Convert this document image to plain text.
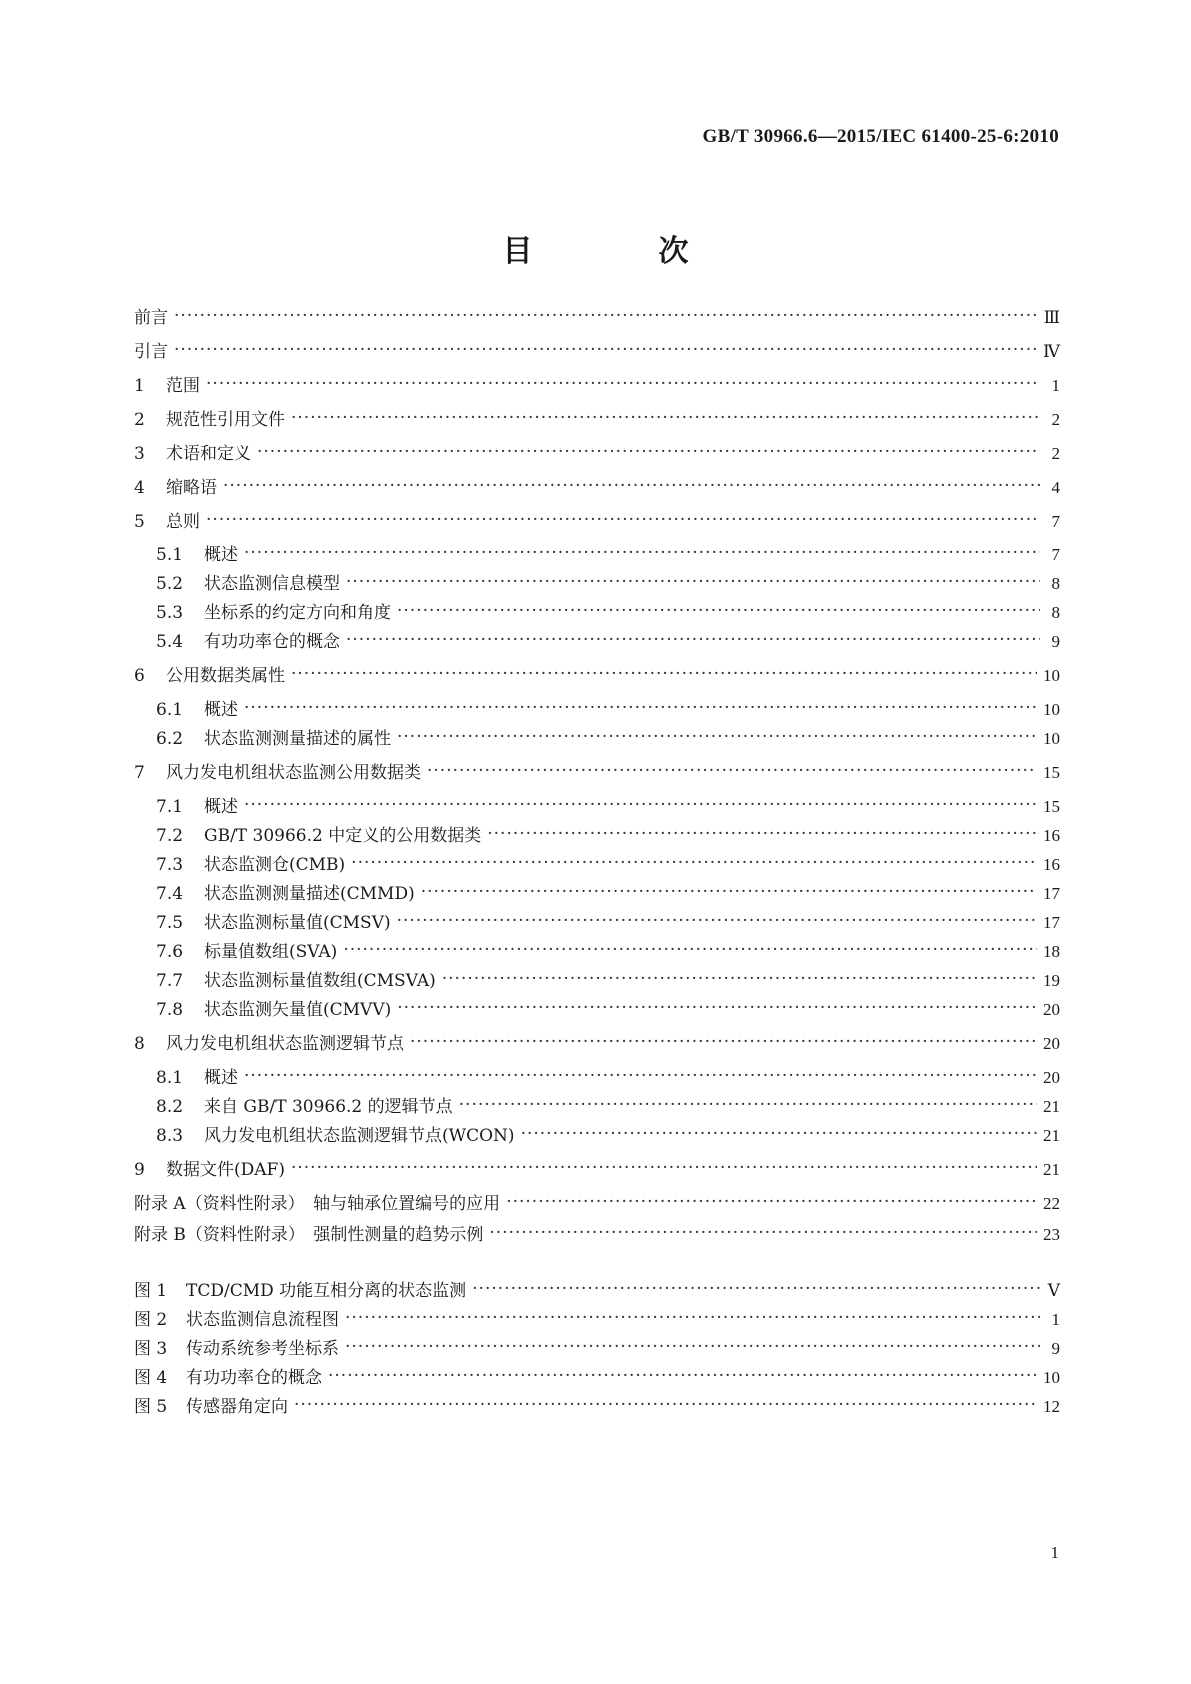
GB/T 30966.6—2015/IEC 61400-25-6:2010
目　次
前言 ·····	Ⅲ
引言 ·····	Ⅳ
1	范围 ·····	1
2	规范性引用文件 ·····	2
3	术语和定义 ·····	2
4	缩略语 ·····	4
5	总则 ·····	7
5.1	概述 ·····	7
5.2	状态监测信息模型 ·····	8
5.3	坐标系的约定方向和角度 ·····	8
5.4	有功功率仓的概念 ·····	9
6	公用数据类属性 ·····	10
6.1	概述 ·····	10
6.2	状态监测测量描述的属性 ·····	10
7	风力发电机组状态监测公用数据类 ·····	15
7.1	概述 ·····	15
7.2	GB/T 30966.2 中定义的公用数据类 ·····	16
7.3	状态监测仓(CMB) ·····	16
7.4	状态监测测量描述(CMMD) ·····	17
7.5	状态监测标量值(CMSV) ·····	17
7.6	标量值数组(SVA) ·····	18
7.7	状态监测标量值数组(CMSVA) ·····	19
7.8	状态监测矢量值(CMVV) ·····	20
8	风力发电机组状态监测逻辑节点 ·····	20
8.1	概述 ·····	20
8.2	来自 GB/T 30966.2 的逻辑节点 ·····	21
8.3	风力发电机组状态监测逻辑节点(WCON) ·····	21
9	数据文件(DAF) ·····	21
附录 A（资料性附录）　轴与轴承位置编号的应用 ·····	22
附录 B（资料性附录）　强制性测量的趋势示例 ·····	23
图 1	TCD/CMD 功能互相分离的状态监测 ·····	Ⅴ
图 2	状态监测信息流程图 ·····	1
图 3	传动系统参考坐标系 ·····	9
图 4	有功功率仓的概念 ·····	10
图 5	传感器角定向 ·····	12
1
